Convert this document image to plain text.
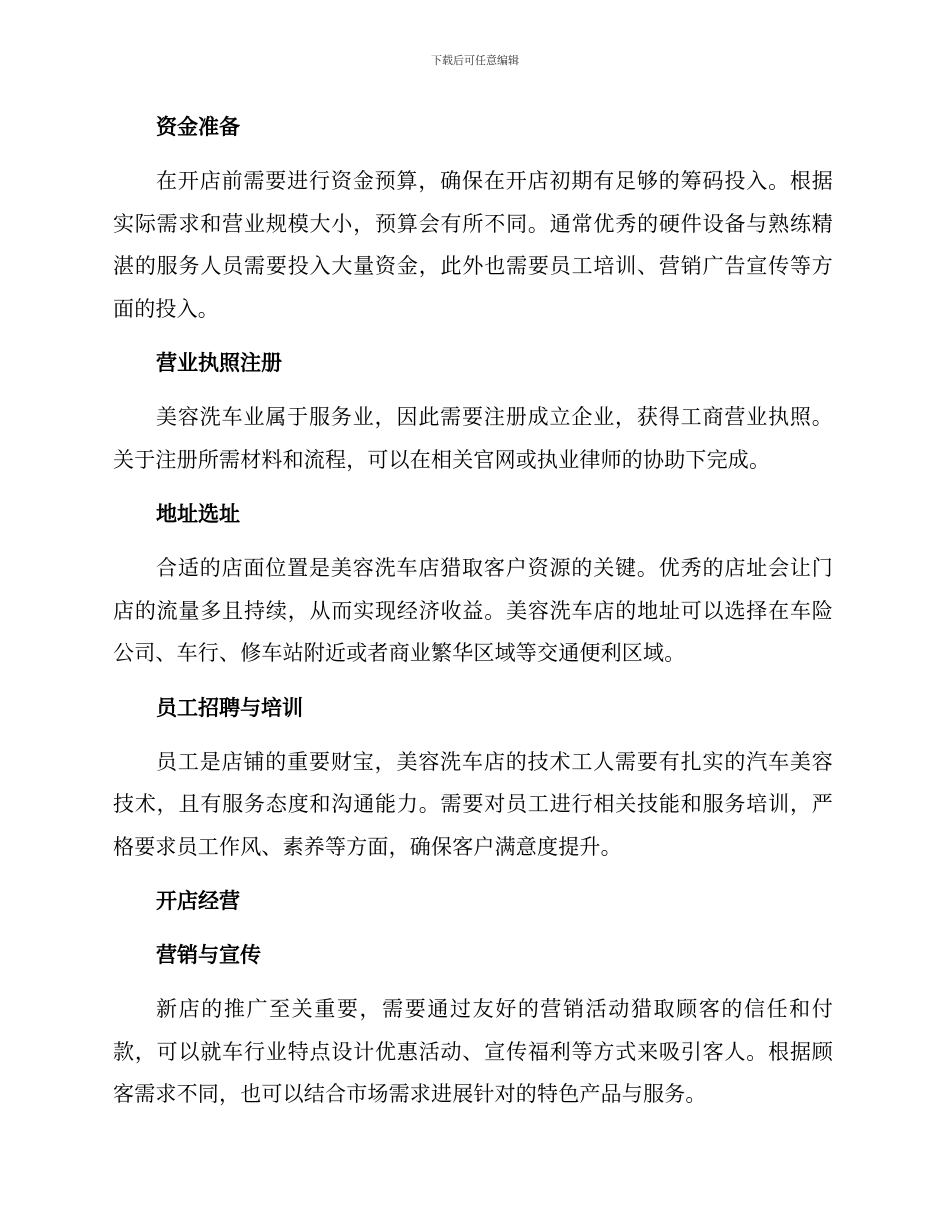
下载后可任意编辑
资金准备

在开店前需要进行资金预算，确保在开店初期有足够的筹码投入。根据实际需求和营业规模大小，预算会有所不同。通常优秀的硬件设备与熟练精湛的服务人员需要投入大量资金，此外也需要员工培训、营销广告宣传等方面的投入。

营业执照注册

美容洗车业属于服务业，因此需要注册成立企业，获得工商营业执照。关于注册所需材料和流程，可以在相关官网或执业律师的协助下完成。

地址选址

合适的店面位置是美容洗车店猎取客户资源的关键。优秀的店址会让门店的流量多且持续，从而实现经济收益。美容洗车店的地址可以选择在车险公司、车行、修车站附近或者商业繁华区域等交通便利区域。

员工招聘与培训

员工是店铺的重要财宝，美容洗车店的技术工人需要有扎实的汽车美容技术，且有服务态度和沟通能力。需要对员工进行相关技能和服务培训，严格要求员工作风、素养等方面，确保客户满意度提升。

开店经营
营销与宣传

新店的推广至关重要，需要通过友好的营销活动猎取顾客的信任和付款，可以就车行业特点设计优惠活动、宣传福利等方式来吸引客人。根据顾客需求不同，也可以结合市场需求进展针对的特色产品与服务。
